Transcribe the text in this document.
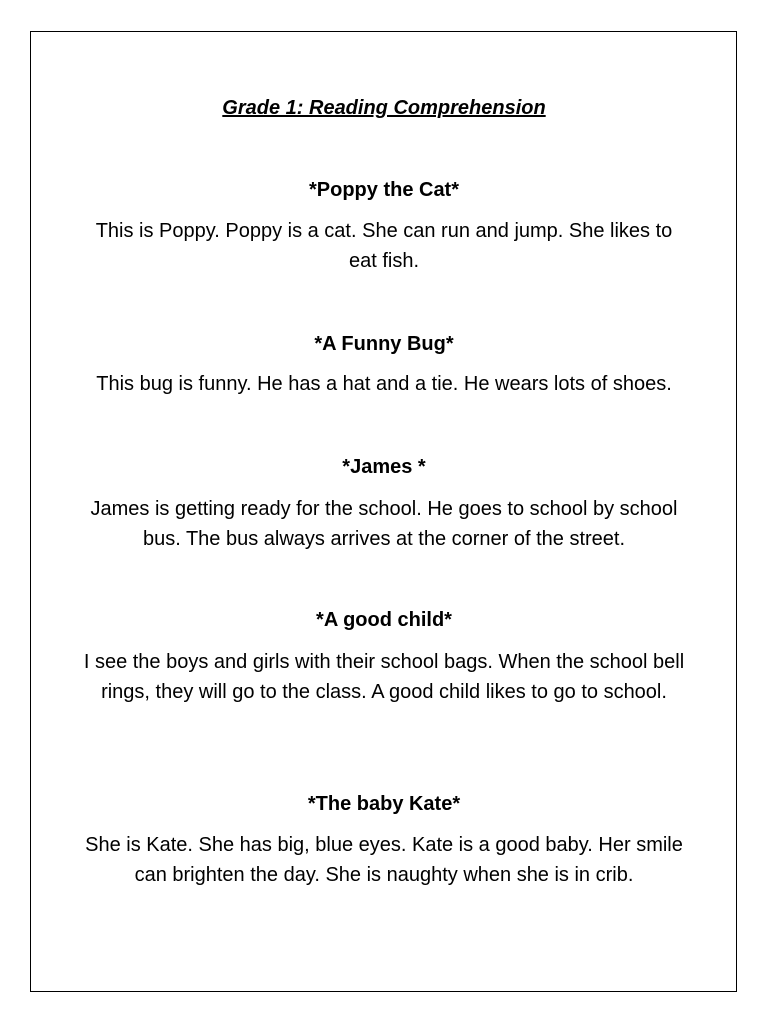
Grade 1: Reading Comprehension
*Poppy the Cat*
This is Poppy. Poppy is a cat. She can run and jump. She likes to eat fish.
*A Funny Bug*
This bug is funny. He has a hat and a tie. He wears lots of shoes.
*James *
James is getting ready for the school. He goes to school by school bus. The bus always arrives at the corner of the street.
*A good child*
I see the boys and girls with their school bags. When the school bell rings, they will go to the class. A good child likes to go to school.
*The baby Kate*
She is Kate. She has big, blue eyes. Kate is a good baby. Her smile can brighten the day. She is naughty when she is in crib.
